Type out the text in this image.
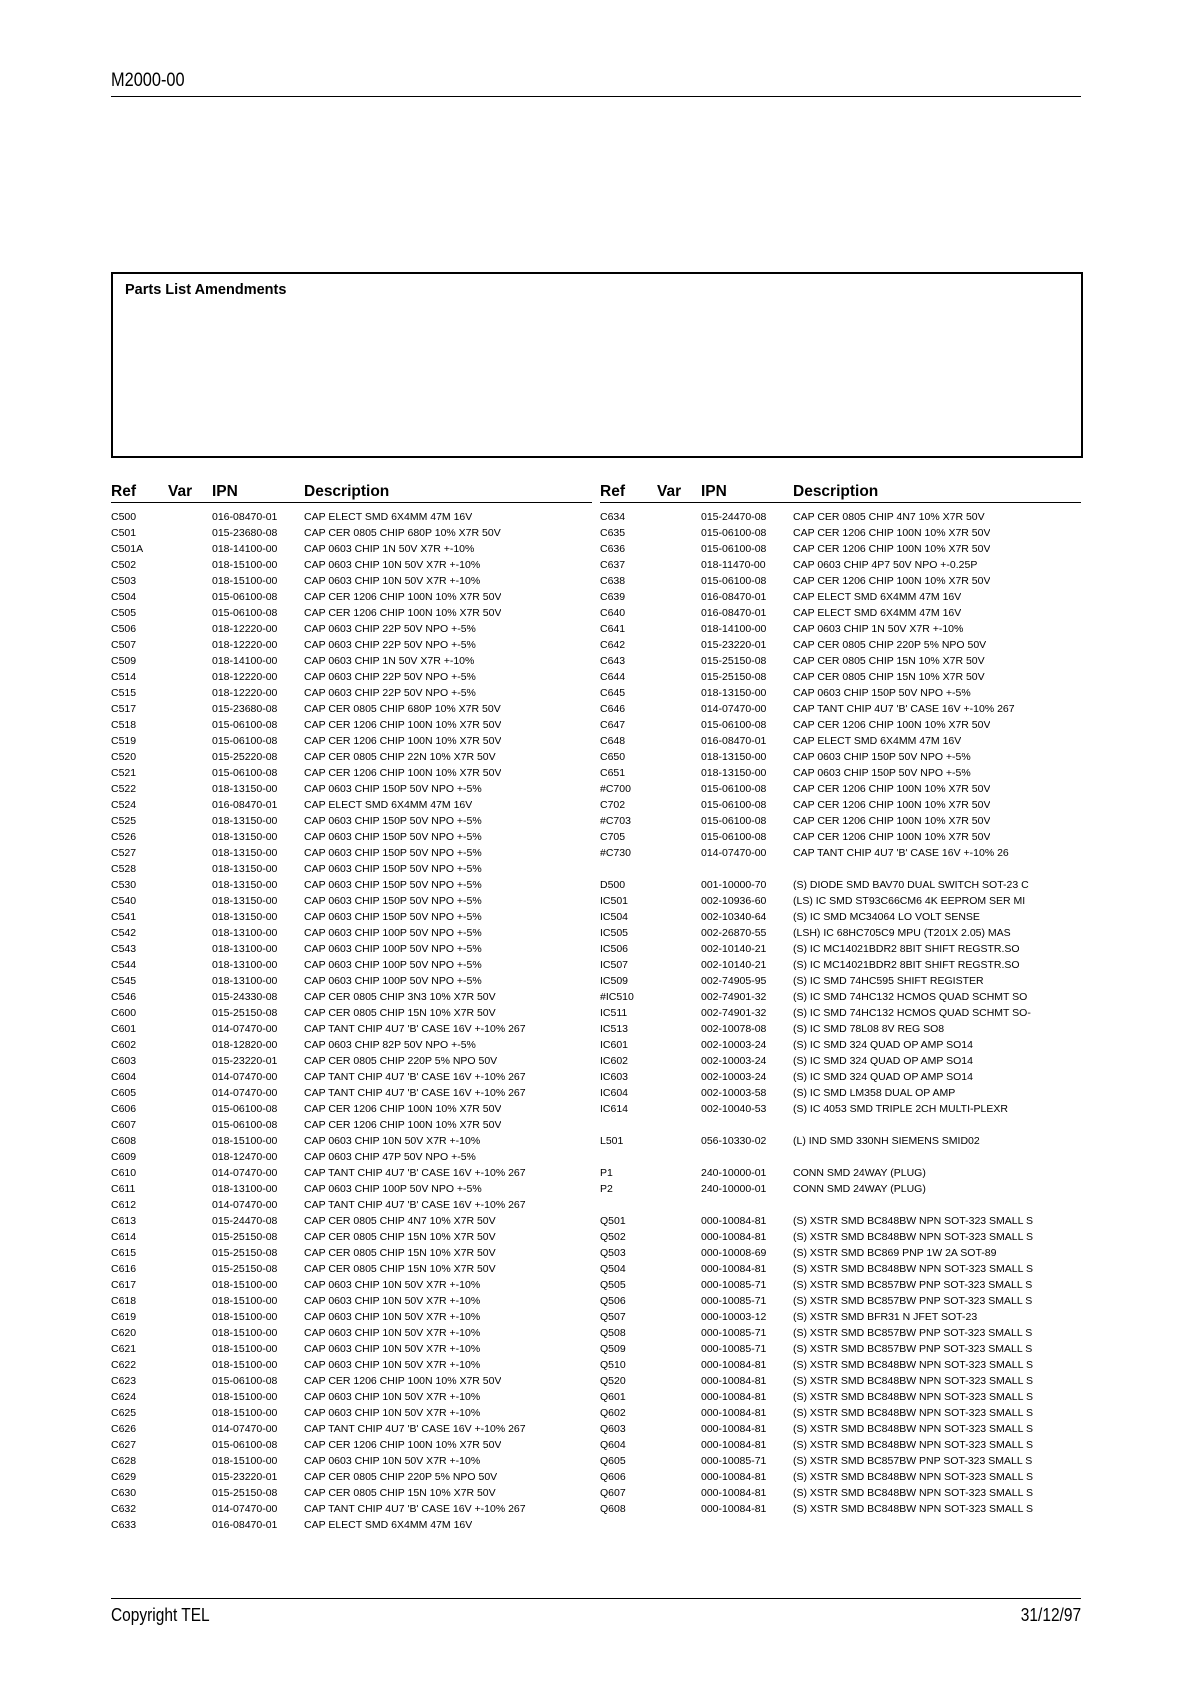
M2000-00
Parts List Amendments
Ref Var IPN	Description
C500	016-08470-01	CAP ELECT SMD 6X4MM 47M 16V
C501	015-23680-08	CAP CER 0805 CHIP 680P 10% X7R 50V
C501A	018-14100-00	CAP 0603 CHIP 1N 50V X7R +-10%
C502	018-15100-00	CAP 0603 CHIP 10N 50V X7R +-10%
C503	018-15100-00	CAP 0603 CHIP 10N 50V X7R +-10%
C504	015-06100-08	CAP CER 1206 CHIP 100N 10% X7R 50V
C505	015-06100-08	CAP CER 1206 CHIP 100N 10% X7R 50V
C506	018-12220-00	CAP 0603 CHIP 22P 50V NPO +-5%
C507	018-12220-00	CAP 0603 CHIP 22P 50V NPO +-5%
C509	018-14100-00	CAP 0603 CHIP 1N 50V X7R +-10%
C514	018-12220-00	CAP 0603 CHIP 22P 50V NPO +-5%
C515	018-12220-00	CAP 0603 CHIP 22P 50V NPO +-5%
C517	015-23680-08	CAP CER 0805 CHIP 680P 10% X7R 50V
C518	015-06100-08	CAP CER 1206 CHIP 100N 10% X7R 50V
C519	015-06100-08	CAP CER 1206 CHIP 100N 10% X7R 50V
C520	015-25220-08	CAP CER 0805 CHIP 22N 10% X7R 50V
C521	015-06100-08	CAP CER 1206 CHIP 100N 10% X7R 50V
C522	018-13150-00	CAP 0603 CHIP 150P 50V NPO +-5%
C524	016-08470-01	CAP ELECT SMD 6X4MM 47M 16V
C525	018-13150-00	CAP 0603 CHIP 150P 50V NPO +-5%
C526	018-13150-00	CAP 0603 CHIP 150P 50V NPO +-5%
C527	018-13150-00	CAP 0603 CHIP 150P 50V NPO +-5%
C528	018-13150-00	CAP 0603 CHIP 150P 50V NPO +-5%
C530	018-13150-00	CAP 0603 CHIP 150P 50V NPO +-5%
C540	018-13150-00	CAP 0603 CHIP 150P 50V NPO +-5%
C541	018-13150-00	CAP 0603 CHIP 150P 50V NPO +-5%
C542	018-13100-00	CAP 0603 CHIP 100P 50V NPO +-5%
C543	018-13100-00	CAP 0603 CHIP 100P 50V NPO +-5%
C544	018-13100-00	CAP 0603 CHIP 100P 50V NPO +-5%
C545	018-13100-00	CAP 0603 CHIP 100P 50V NPO +-5%
C546	015-24330-08	CAP CER 0805 CHIP 3N3 10% X7R 50V
C600	015-25150-08	CAP CER 0805 CHIP 15N 10% X7R 50V
C601	014-07470-00	CAP TANT CHIP 4U7 'B' CASE 16V +-10% 267
C602	018-12820-00	CAP 0603 CHIP 82P 50V NPO +-5%
C603	015-23220-01	CAP CER 0805 CHIP 220P 5% NPO 50V
C604	014-07470-00	CAP TANT CHIP 4U7 'B' CASE 16V +-10% 267
C605	014-07470-00	CAP TANT CHIP 4U7 'B' CASE 16V +-10% 267
C606	015-06100-08	CAP CER 1206 CHIP 100N 10% X7R 50V
C607	015-06100-08	CAP CER 1206 CHIP 100N 10% X7R 50V
C608	018-15100-00	CAP 0603 CHIP 10N 50V X7R +-10%
C609	018-12470-00	CAP 0603 CHIP 47P 50V NPO +-5%
C610	014-07470-00	CAP TANT CHIP 4U7 'B' CASE 16V +-10% 267
C611	018-13100-00	CAP 0603 CHIP 100P 50V NPO +-5%
C612	014-07470-00	CAP TANT CHIP 4U7 'B' CASE 16V +-10% 267
C613	015-24470-08	CAP CER 0805 CHIP 4N7 10% X7R 50V
C614	015-25150-08	CAP CER 0805 CHIP 15N 10% X7R 50V
C615	015-25150-08	CAP CER 0805 CHIP 15N 10% X7R 50V
C616	015-25150-08	CAP CER 0805 CHIP 15N 10% X7R 50V
C617	018-15100-00	CAP 0603 CHIP 10N 50V X7R +-10%
C618	018-15100-00	CAP 0603 CHIP 10N 50V X7R +-10%
C619	018-15100-00	CAP 0603 CHIP 10N 50V X7R +-10%
C620	018-15100-00	CAP 0603 CHIP 10N 50V X7R +-10%
C621	018-15100-00	CAP 0603 CHIP 10N 50V X7R +-10%
C622	018-15100-00	CAP 0603 CHIP 10N 50V X7R +-10%
C623	015-06100-08	CAP CER 1206 CHIP 100N 10% X7R 50V
C624	018-15100-00	CAP 0603 CHIP 10N 50V X7R +-10%
C625	018-15100-00	CAP 0603 CHIP 10N 50V X7R +-10%
C626	014-07470-00	CAP TANT CHIP 4U7 'B' CASE 16V +-10% 267
C627	015-06100-08	CAP CER 1206 CHIP 100N 10% X7R 50V
C628	018-15100-00	CAP 0603 CHIP 10N 50V X7R +-10%
C629	015-23220-01	CAP CER 0805 CHIP 220P 5% NPO 50V
C630	015-25150-08	CAP CER 0805 CHIP 15N 10% X7R 50V
C632	014-07470-00	CAP TANT CHIP 4U7 'B' CASE 16V +-10% 267
C633	016-08470-01	CAP ELECT SMD 6X4MM 47M 16V
Ref Var IPN	Description
C634	015-24470-08	CAP CER 0805 CHIP 4N7 10% X7R 50V
C635	015-06100-08	CAP CER 1206 CHIP 100N 10% X7R 50V
C636	015-06100-08	CAP CER 1206 CHIP 100N 10% X7R 50V
C637	018-11470-00	CAP 0603 CHIP 4P7 50V NPO +-0.25P
C638	015-06100-08	CAP CER 1206 CHIP 100N 10% X7R 50V
C639	016-08470-01	CAP ELECT SMD 6X4MM 47M 16V
C640	016-08470-01	CAP ELECT SMD 6X4MM 47M 16V
C641	018-14100-00	CAP 0603 CHIP 1N 50V X7R +-10%
C642	015-23220-01	CAP CER 0805 CHIP 220P 5% NPO 50V
C643	015-25150-08	CAP CER 0805 CHIP 15N 10% X7R 50V
C644	015-25150-08	CAP CER 0805 CHIP 15N 10% X7R 50V
C645	018-13150-00	CAP 0603 CHIP 150P 50V NPO +-5%
C646	014-07470-00	CAP TANT CHIP 4U7 'B' CASE 16V +-10% 267
C647	015-06100-08	CAP CER 1206 CHIP 100N 10% X7R 50V
C648	016-08470-01	CAP ELECT SMD 6X4MM 47M 16V
C650	018-13150-00	CAP 0603 CHIP 150P 50V NPO +-5%
C651	018-13150-00	CAP 0603 CHIP 150P 50V NPO +-5%
#C700	015-06100-08	CAP CER 1206 CHIP 100N 10% X7R 50V
C702	015-06100-08	CAP CER 1206 CHIP 100N 10% X7R 50V
#C703	015-06100-08	CAP CER 1206 CHIP 100N 10% X7R 50V
C705	015-06100-08	CAP CER 1206 CHIP 100N 10% X7R 50V
#C730	014-07470-00	CAP TANT CHIP 4U7 'B' CASE 16V +-10% 26
D500	001-10000-70	(S) DIODE SMD BAV70 DUAL SWITCH SOT-23 C
IC501	002-10936-60	(LS) IC SMD ST93C66CM6 4K EEPROM SER MI
IC504	002-10340-64	(S) IC SMD MC34064 LO VOLT SENSE
IC505	002-26870-55	(LSH) IC 68HC705C9 MPU (T201X 2.05) MAS
IC506	002-10140-21	(S) IC MC14021BDR2 8BIT SHIFT REGSTR.SO
IC507	002-10140-21	(S) IC MC14021BDR2 8BIT SHIFT REGSTR.SO
IC509	002-74905-95	(S) IC SMD 74HC595 SHIFT REGISTER
#IC510	002-74901-32	(S) IC SMD 74HC132 HCMOS QUAD SCHMT SO
IC511	002-74901-32	(S) IC SMD 74HC132 HCMOS QUAD SCHMT SO-
IC513	002-10078-08	(S) IC SMD 78L08 8V REG SO8
IC601	002-10003-24	(S) IC SMD 324 QUAD OP AMP SO14
IC602	002-10003-24	(S) IC SMD 324 QUAD OP AMP SO14
IC603	002-10003-24	(S) IC SMD 324 QUAD OP AMP SO14
IC604	002-10003-58	(S) IC SMD LM358 DUAL OP AMP
IC614	002-10040-53	(S) IC 4053 SMD TRIPLE 2CH MULTI-PLEXR
L501	056-10330-02	(L) IND SMD 330NH SIEMENS SMID02
P1	240-10000-01	CONN SMD 24WAY (PLUG)
P2	240-10000-01	CONN SMD 24WAY (PLUG)
Q501	000-10084-81	(S) XSTR SMD BC848BW NPN SOT-323 SMALL S
Q502	000-10084-81	(S) XSTR SMD BC848BW NPN SOT-323 SMALL S
Q503	000-10008-69	(S) XSTR SMD BC869 PNP 1W 2A SOT-89
Q504	000-10084-81	(S) XSTR SMD BC848BW NPN SOT-323 SMALL S
Q505	000-10085-71	(S) XSTR SMD BC857BW PNP SOT-323 SMALL S
Q506	000-10085-71	(S) XSTR SMD BC857BW PNP SOT-323 SMALL S
Q507	000-10003-12	(S) XSTR SMD BFR31 N JFET SOT-23
Q508	000-10085-71	(S) XSTR SMD BC857BW PNP SOT-323 SMALL S
Q509	000-10085-71	(S) XSTR SMD BC857BW PNP SOT-323 SMALL S
Q510	000-10084-81	(S) XSTR SMD BC848BW NPN SOT-323 SMALL S
Q520	000-10084-81	(S) XSTR SMD BC848BW NPN SOT-323 SMALL S
Q601	000-10084-81	(S) XSTR SMD BC848BW NPN SOT-323 SMALL S
Q602	000-10084-81	(S) XSTR SMD BC848BW NPN SOT-323 SMALL S
Q603	000-10084-81	(S) XSTR SMD BC848BW NPN SOT-323 SMALL S
Q604	000-10084-81	(S) XSTR SMD BC848BW NPN SOT-323 SMALL S
Q605	000-10085-71	(S) XSTR SMD BC857BW PNP SOT-323 SMALL S
Q606	000-10084-81	(S) XSTR SMD BC848BW NPN SOT-323 SMALL S
Q607	000-10084-81	(S) XSTR SMD BC848BW NPN SOT-323 SMALL S
Q608	000-10084-81	(S) XSTR SMD BC848BW NPN SOT-323 SMALL S
Copyright TEL	31/12/97
